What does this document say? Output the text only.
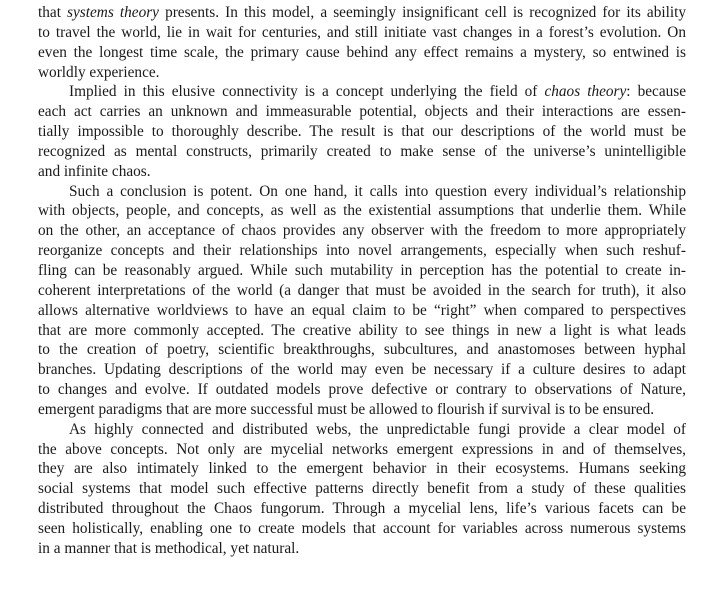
that systems theory presents. In this model, a seemingly insignificant cell is recognized for its ability
to travel the world, lie in wait for centuries, and still initiate vast changes in a forest’s evolution. On
even the longest time scale, the primary cause behind any effect remains a mystery, so entwined is
worldly experience.
Implied in this elusive connectivity is a concept underlying the field of chaos theory: because
each act carries an unknown and immeasurable potential, objects and their interactions are essen-
tially impossible to thoroughly describe. The result is that our descriptions of the world must be
recognized as mental constructs, primarily created to make sense of the universe’s unintelligible
and infinite chaos.
Such a conclusion is potent. On one hand, it calls into question every individual’s relationship
with objects, people, and concepts, as well as the existential assumptions that underlie them. While
on the other, an acceptance of chaos provides any observer with the freedom to more appropriately
reorganize concepts and their relationships into novel arrangements, especially when such reshuf-
fling can be reasonably argued. While such mutability in perception has the potential to create in-
coherent interpretations of the world (a danger that must be avoided in the search for truth), it also
allows alternative worldviews to have an equal claim to be “right” when compared to perspectives
that are more commonly accepted. The creative ability to see things in new a light is what leads
to the creation of poetry, scientific breakthroughs, subcultures, and anastomoses between hyphal
branches. Updating descriptions of the world may even be necessary if a culture desires to adapt
to changes and evolve. If outdated models prove defective or contrary to observations of Nature,
emergent paradigms that are more successful must be allowed to flourish if survival is to be ensured.
As highly connected and distributed webs, the unpredictable fungi provide a clear model of
the above concepts. Not only are mycelial networks emergent expressions in and of themselves,
they are also intimately linked to the emergent behavior in their ecosystems. Humans seeking
social systems that model such effective patterns directly benefit from a study of these qualities
distributed throughout the Chaos fungorum. Through a mycelial lens, life’s various facets can be
seen holistically, enabling one to create models that account for variables across numerous systems
in a manner that is methodical, yet natural.
